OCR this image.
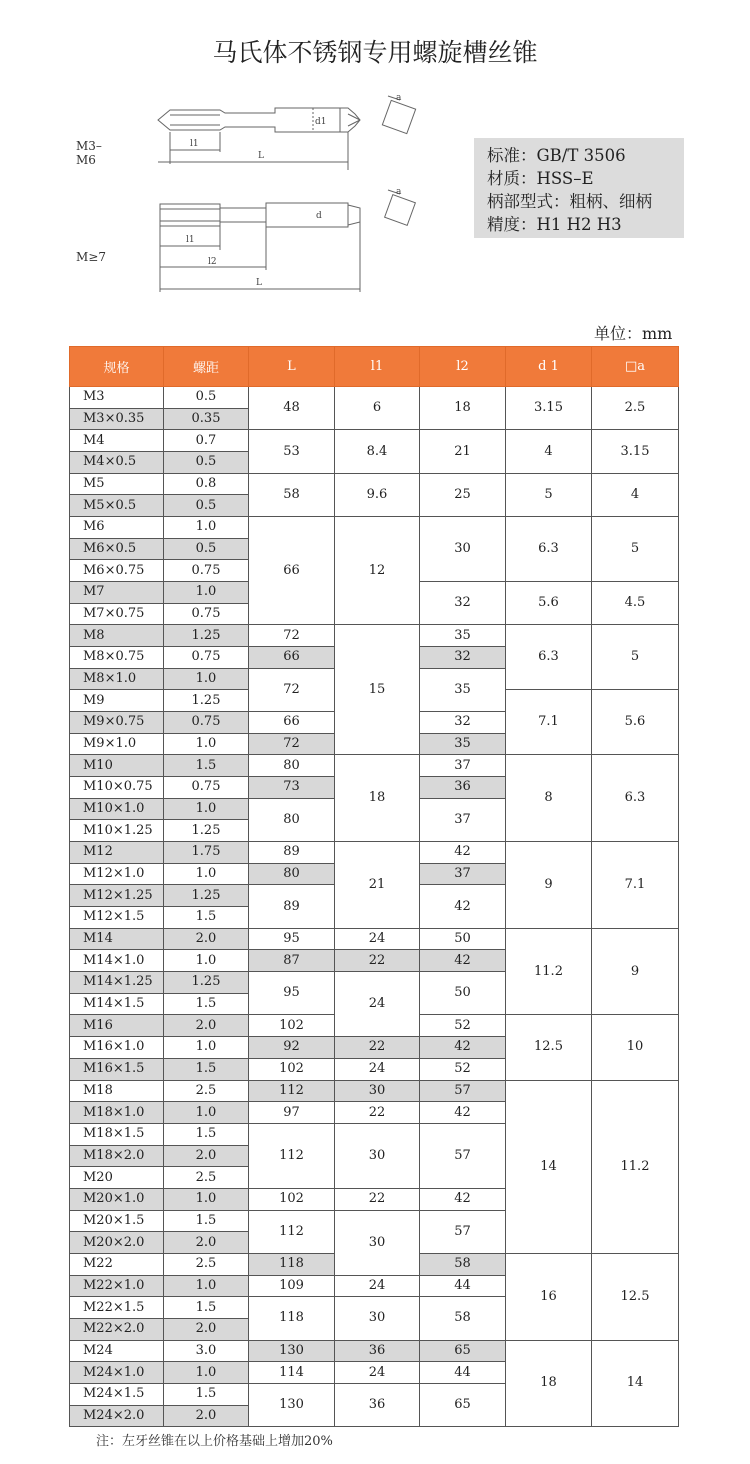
马氏体不锈钢专用螺旋槽丝锥
M3–M6
M≥7
l1
L
d1
a
l1
l2
L
d
a
标准：GB/T 3506
材质：HSS–E
柄部型式：粗柄、细柄
精度：H1 H2 H3
单位：mm
规格	螺距	L	l1	l2	d 1	□a
M3	0.5	48	6	18	3.15	2.5
M3×0.35	0.35					
M4	0.7	53	8.4	21	4	3.15
M4×0.5	0.5					
M5	0.8	58	9.6	25	5	4
M5×0.5	0.5					
M6	1.0	66	12	30	6.3	5
M6×0.5	0.5					
M6×0.75	0.75					
M7	1.0			32	5.6	4.5
M7×0.75	0.75					
M8	1.25	72	15	35	6.3	5
M8×0.75	0.75	66		32		
M8×1.0	1.0	72		35		
M9	1.25				7.1	5.6
M9×0.75	0.75	66		32		
M9×1.0	1.0	72		35		
M10	1.5	80	18	37	8	6.3
M10×0.75	0.75	73		36		
M10×1.0	1.0	80		37		
M10×1.25	1.25					
M12	1.75	89	21	42	9	7.1
M12×1.0	1.0	80		37		
M12×1.25	1.25	89		42		
M12×1.5	1.5					
M14	2.0	95	24	50	11.2	9
M14×1.0	1.0	87	22	42		
M14×1.25	1.25	95	24	50		
M14×1.5	1.5					
M16	2.0	102		52	12.5	10
M16×1.0	1.0	92	22	42		
M16×1.5	1.5	102	24	52		
M18	2.5	112	30	57	14	11.2
M18×1.0	1.0	97	22	42		
M18×1.5	1.5	112	30	57		
M18×2.0	2.0					
M20	2.5					
M20×1.0	1.0	102	22	42		
M20×1.5	1.5	112	30	57		
M20×2.0	2.0					
M22	2.5	118		58	16	12.5
M22×1.0	1.0	109	24	44		
M22×1.5	1.5	118	30	58		
M22×2.0	2.0					
M24	3.0	130	36	65	18	14
M24×1.0	1.0	114	24	44		
M24×1.5	1.5	130	36	65		
M24×2.0	2.0					
注：左牙丝锥在以上价格基础上增加20%
